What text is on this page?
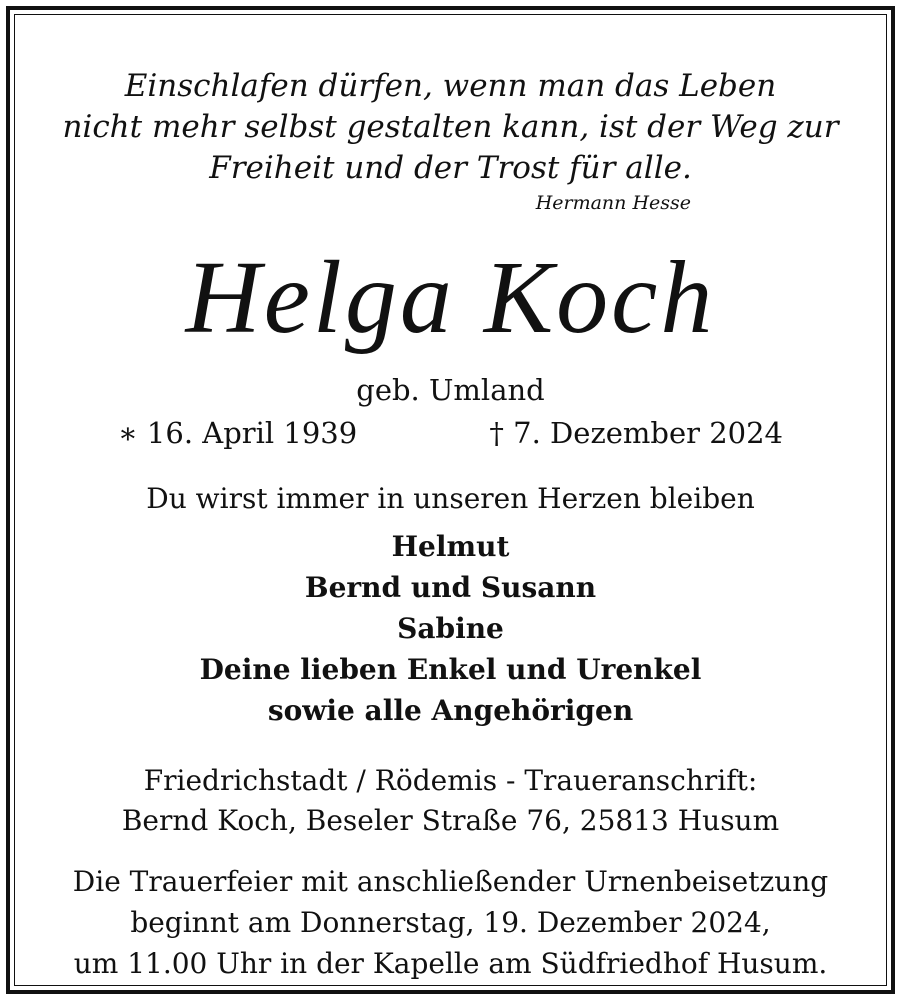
Einschlafen dürfen, wenn man das Leben
nicht mehr selbst gestalten kann, ist der Weg zur
Freiheit und der Trost für alle.
Hermann Hesse
Helga Koch
geb. Umland
∗ 16. April 1939	† 7. Dezember 2024
Du wirst immer in unseren Herzen bleiben
Helmut
Bernd und Susann
Sabine
Deine lieben Enkel und Urenkel
sowie alle Angehörigen
Friedrichstadt / Rödemis - Traueranschrift:
Bernd Koch, Beseler Straße 76, 25813 Husum
Die Trauerfeier mit anschließender Urnenbeisetzung
beginnt am Donnerstag, 19. Dezember 2024,
um 11.00 Uhr in der Kapelle am Südfriedhof Husum.
